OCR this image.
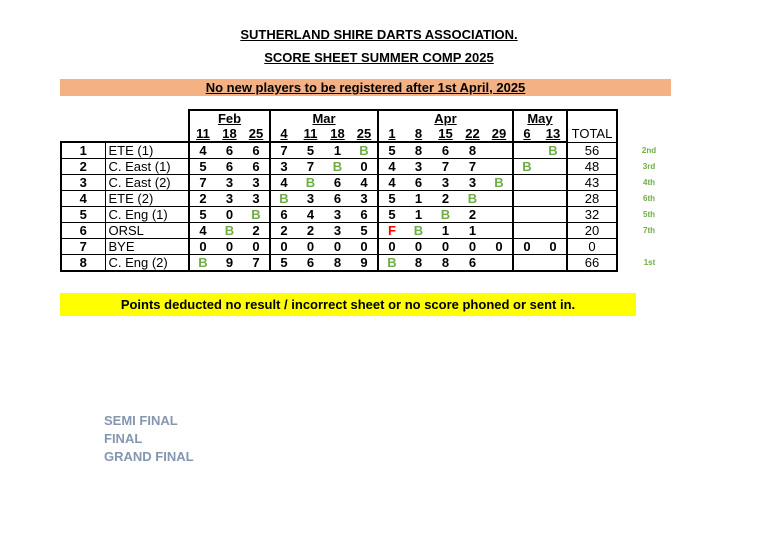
SUTHERLAND SHIRE DARTS ASSOCIATION.
SCORE SHEET SUMMER COMP 2025
No new players to be registered after 1st April, 2025
		Feb			Mar				Apr					May			
		11	18	25	4	11	18	25	1	8	15	22	29	6	13	TOTAL	
1	ETE (1)	4	6	6	7	5	1	B	5	8	6	8			B	56	2nd
2	C. East (1)	5	6	6	3	7	B	0	4	3	7	7		B		48	3rd
3	C. East (2)	7	3	3	4	B	6	4	4	6	3	3	B			43	4th
4	ETE (2)	2	3	3	B	3	6	3	5	1	2	B				28	6th
5	C. Eng (1)	5	0	B	6	4	3	6	5	1	B	2				32	5th
6	ORSL	4	B	2	2	2	3	5	F	B	1	1				20	7th
7	BYE	0	0	0	0	0	0	0	0	0	0	0	0	0	0	0	
8	C. Eng (2)	B	9	7	5	6	8	9	B	8	8	6				66	1st
Points deducted no result / incorrect sheet or no score phoned or sent in.
SEMI FINAL
FINAL
GRAND FINAL
